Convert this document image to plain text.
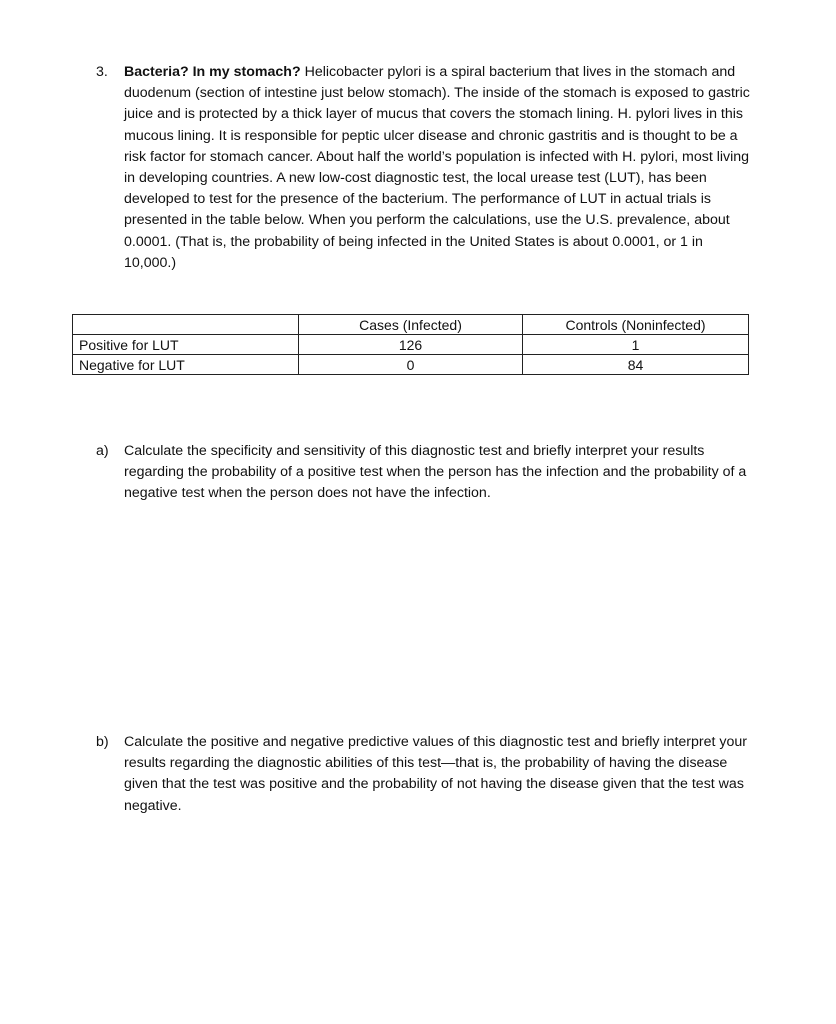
3.	Bacteria? In my stomach? Helicobacter pylori is a spiral bacterium that lives in the stomach and duodenum (section of intestine just below stomach). The inside of the stomach is exposed to gastric juice and is protected by a thick layer of mucus that covers the stomach lining. H. pylori lives in this mucous lining. It is responsible for peptic ulcer disease and chronic gastritis and is thought to be a risk factor for stomach cancer. About half the world’s population is infected with H. pylori, most living in developing countries. A new low-cost diagnostic test, the local urease test (LUT), has been developed to test for the presence of the bacterium. The performance of LUT in actual trials is presented in the table below. When you perform the calculations, use the U.S. prevalence, about 0.0001. (That is, the probability of being infected in the United States is about 0.0001, or 1 in 10,000.)
	Cases (Infected)	Controls (Noninfected)
Positive for LUT	126	1
Negative for LUT	0	84
a)	Calculate the specificity and sensitivity of this diagnostic test and briefly interpret your results regarding the probability of a positive test when the person has the infection and the probability of a negative test when the person does not have the infection.
b)	Calculate the positive and negative predictive values of this diagnostic test and briefly interpret your results regarding the diagnostic abilities of this test—that is, the probability of having the disease given that the test was positive and the probability of not having the disease given that the test was negative.
